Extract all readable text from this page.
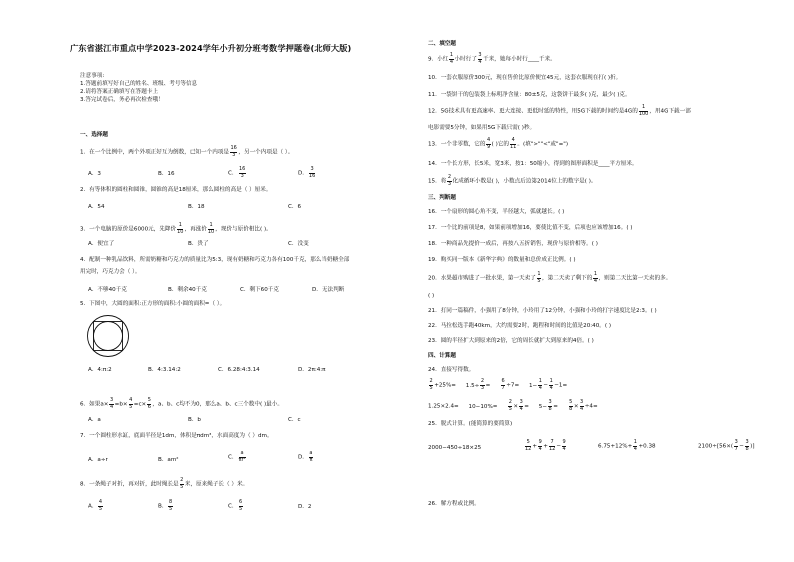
广东省湛江市重点中学2023-2024学年小升初分班考数学押题卷(北师大版)
注意事项:
1.答题前填写好自己的姓名、班级、考号等信息
2.请将答案正确填写在答题卡上
3.答完试卷后，务必再次检查哦！
一、选择题
1．在一个比例中，两个外项正好互为倒数，已知一个内项是 $\frac{16}{3}$ ，另一个内项是（ ）。
A．3	B．16	C． $\frac{16}{3}$	D． $\frac{3}{16}$
2．有等体积的圆柱和圆锥，圆锥的高是18厘米，那么圆柱的高是（ ）厘米。
A．54	B．18	C．6
3．一个电脑的原价是6000元，先降价 $\frac{1}{10}$ ，再涨价 $\frac{1}{10}$ ，现价与原价相比( )。
A．便宜了	B．贵了	C．没变
4．配制一种乳品饮料，所需奶糖和巧克力的质量比为5:3，现有奶糖和巧克力各有100千克，那么当奶糖全部
用完时，巧克力会（ ）。
A．不够40千克	B．剩余40千克	C．剩下60千克	D．无法判断
5．下图中，大圆的面积:正方形的面积:小圆的面积=（ ）。
A．4:π:2	B．4:3.14:2	C．6.28:4:3.14	D．2π:4:π
6．如果$a\times \frac{3}{4} =b\times \frac{4}{5} =c\times \frac{5}{6}$ ，a、b、c均不为0，那么a、b、c三个数中( )最小。
A．a	B．b	C．c
7．一个圆柱形水缸，底面半径是1dm，体积是πdm³，水面高度为（ ）dm。
A．a÷r	B．am²	C． $\frac{a}{\text{πr²}}$	D． $\frac{a}{\pi}$
8．一条绳子对折，再对折，此时绳长是 $\frac{2}{5}$ 米，原来绳子长（ ）米。
A． $\frac{4}{5}$	B． $\frac{8}{5}$	C． $\frac{6}{5}$	D．2
二、填空题
9．小红 $\frac{1}{4}$ 小时行了 $\frac{3}{4}$ 千米，她每小时行____千米。
10．一套衣服原价300元，现在售价比原价便宜45元，这套衣服现在打( )折。
11．一袋饼干的包装袋上标明净含量：80±5克，这袋饼干最多( )克，最少( )克。
12．5G技术具有更高速率、更大连接、更低时延的特性，用5G下载的时间约是4G的 $\frac{1}{100}$ ，用4G下载一部
电影需要5分钟，如果用5G下载只需( )秒。
13．一个非零数，它的 $\frac{4}{9}$ ( )它的 $\frac{4}{11}$ 。(填">""<"或"=")
14．一个长方形，长5米，宽3米，按1：50缩小，得到的图形面积是____平方厘米。
15．将 $\frac{2}{3}$ 化成循环小数是( )，小数点后边第2014位上的数字是( )。
三、判断题
16．一个扇形的圆心角不变，半径越大，弧就越长。( )
17．一个比的前项是8，如果前项增加16，要使比值不变，后项也应该增加16。( )
18．一种商品先提价一成后，再按八五折销售，现价与原价相等。( )
19．购买同一版本《新华字典》的数量和总价成正比例。( )
20．水果超市购进了一批水果，第一天卖了 $\frac{1}{5}$ ，第二天卖了剩下的 $\frac{1}{4}$ ，则第二天比第一天卖的多。
( )
21．打同一篇稿件，小强用了8分钟，小玲用了12分钟，小强和小玲的打字速度比是2:3。( )
22．马拉松选手跑40km，大约需要2时，跑程和时间的比值是20:40。( )
23．圆的半径扩大到原来的2倍，它的周长就扩大到原来的4倍。( )
四、计算题
24．直接写得数。
$\frac{2}{5} +25\%= 1.5\div \frac{2}{3} = \frac{6}{7} \div 7= 1- \frac{1}{4} - \frac{1}{4} -1=$
$1.25\times 2.4= 10-10\%= \frac{2}{5} \times \frac{3}{4} = 5- \frac{3}{8} = \frac{5}{8} \times \frac{3}{4} \div 4=$
25．脱式计算。(能简算的要简算)
2000−450÷18×25	$\frac{5}{12} + \frac{9}{4} + \frac{7}{12} - \frac{9}{4}$	$6.75+12\%+ \frac{1}{4} +0.38$	$2100\div[56\times( \frac{3}{7} - \frac{3}{8}$ )]
26．解方程或比例。
